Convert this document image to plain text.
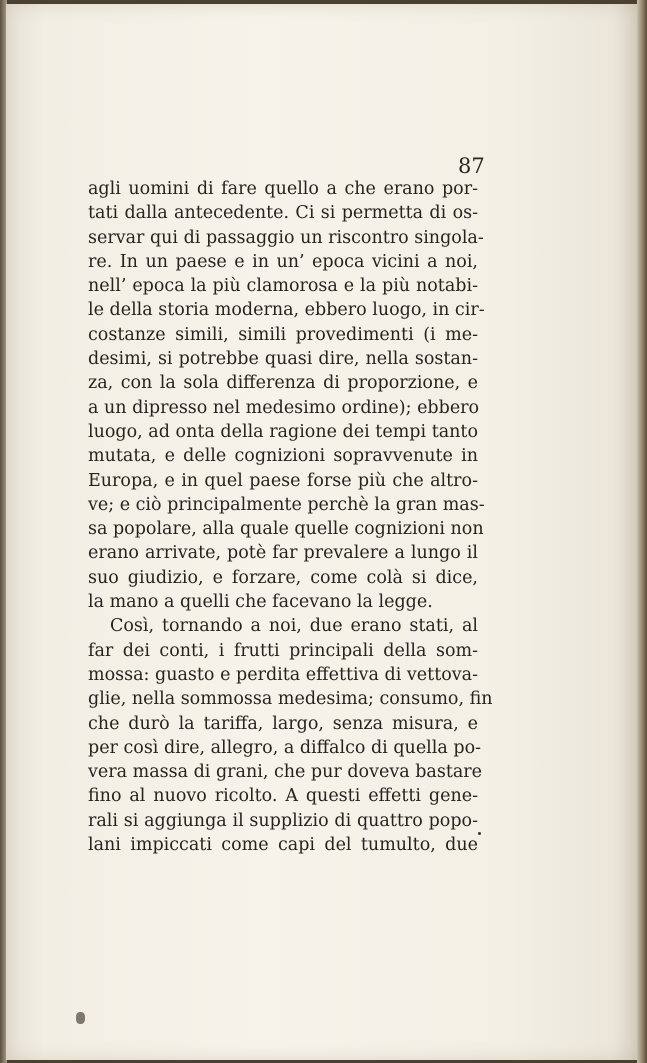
87

agli uomini di fare quello a che erano por-
tati dalla antecedente. Ci si permetta di os-
servar qui di passaggio un riscontro singola-
re. In un paese e in un’ epoca vicini a noi,
nell’ epoca la più clamorosa e la più notabi-
le della storia moderna, ebbero luogo, in cir-
costanze simili, simili provedimenti (i me-
desimi, si potrebbe quasi dire, nella sostan-
za, con la sola differenza di proporzione, e
a un dipresso nel medesimo ordine); ebbero
luogo, ad onta della ragione dei tempi tanto
mutata, e delle cognizioni sopravvenute in
Europa, e in quel paese forse più che altro-
ve; e ciò principalmente perchè la gran mas-
sa popolare, alla quale quelle cognizioni non
erano arrivate, potè far prevalere a lungo il
suo giudizio, e forzare, come colà si dice,
la mano a quelli che facevano la legge.
Così, tornando a noi, due erano stati, al
far dei conti, i frutti principali della som-
mossa: guasto e perdita effettiva di vettova-
glie, nella sommossa medesima; consumo, fin
che durò la tariffa, largo, senza misura, e
per così dire, allegro, a diffalco di quella po-
vera massa di grani, che pur doveva bastare
fino al nuovo ricolto. A questi effetti gene-
rali si aggiunga il supplizio di quattro popo-
lani impiccati come capi del tumulto, due
